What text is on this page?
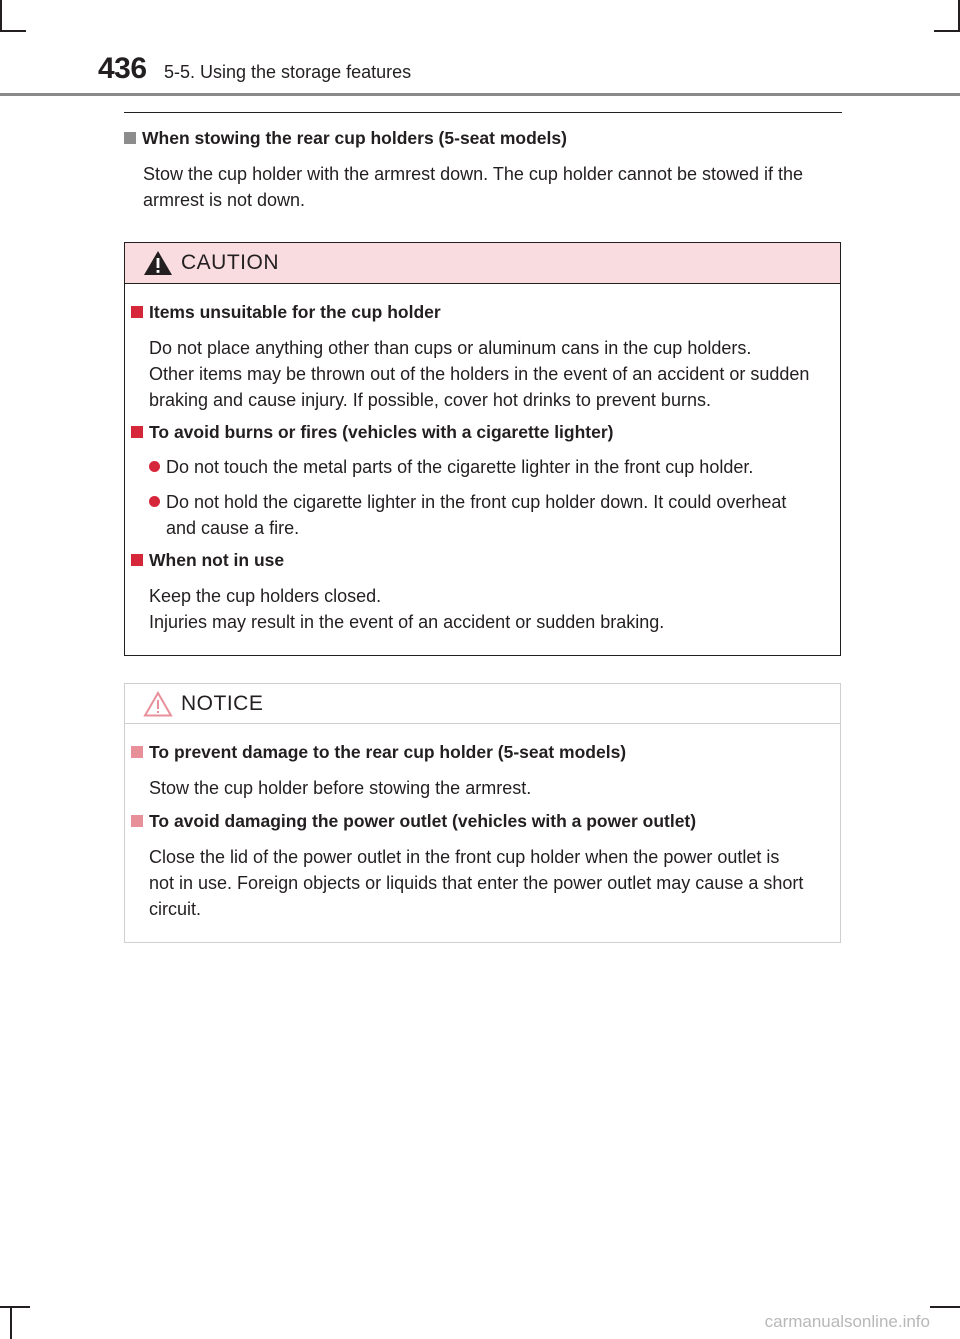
436 5-5. Using the storage features
When stowing the rear cup holders (5-seat models)
Stow the cup holder with the armrest down. The cup holder cannot be stowed if the
armrest is not down.
CAUTION
Items unsuitable for the cup holder
Do not place anything other than cups or aluminum cans in the cup holders.
Other items may be thrown out of the holders in the event of an accident or sudden
braking and cause injury. If possible, cover hot drinks to prevent burns.
To avoid burns or fires (vehicles with a cigarette lighter)
Do not touch the metal parts of the cigarette lighter in the front cup holder.
Do not hold the cigarette lighter in the front cup holder down. It could overheat
and cause a fire.
When not in use
Keep the cup holders closed.
Injuries may result in the event of an accident or sudden braking.
NOTICE
To prevent damage to the rear cup holder (5-seat models)
Stow the cup holder before stowing the armrest.
To avoid damaging the power outlet (vehicles with a power outlet)
Close the lid of the power outlet in the front cup holder when the power outlet is
not in use. Foreign objects or liquids that enter the power outlet may cause a short
circuit.
carmanualsonline.info
